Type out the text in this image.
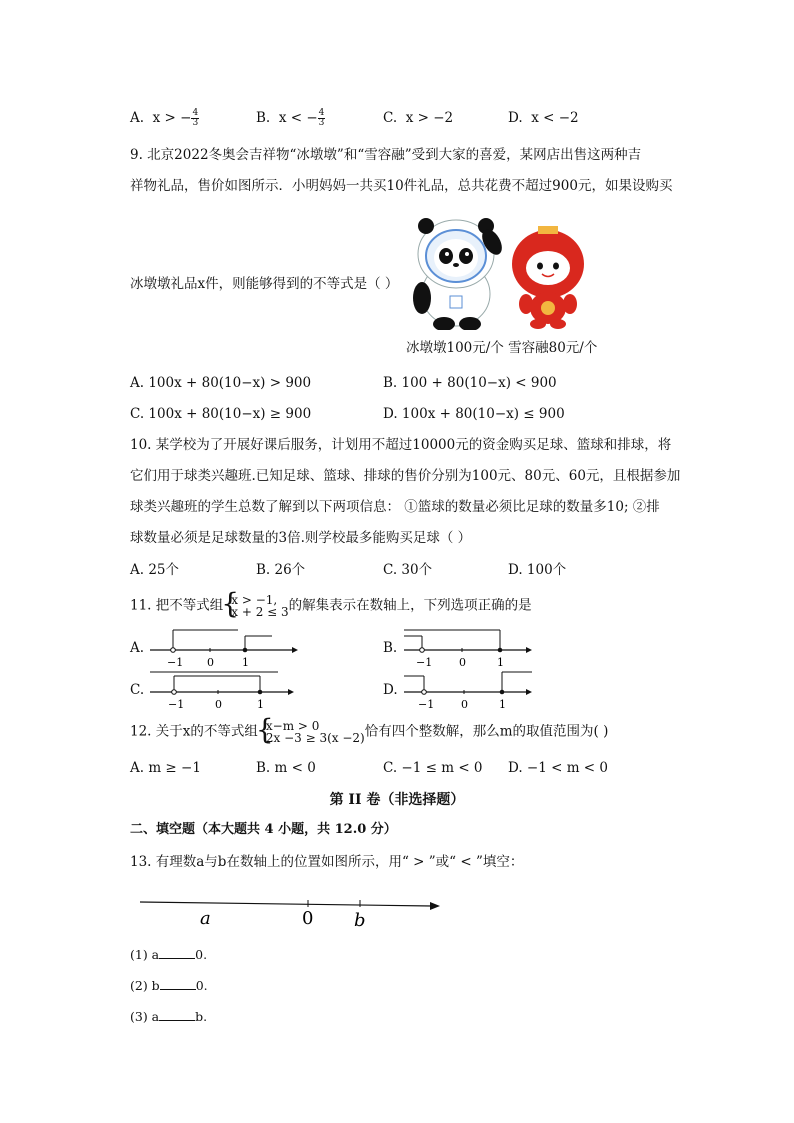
A. x > − $\frac{4}{3}$	B. x < − $\frac{4}{3}$	C. x > −2	D. x < −2
9. 北京2022冬奥会吉祥物“冰墩墩”和“雪容融”受到大家的喜爱，某网店出售这两种吉
祥物礼品，售价如图所示．小明妈妈一共买10件礼品，总共花费不超过900元，如果设购买
冰墩墩礼品x件，则能够得到的不等式是（ ）
冰墩墩100元/个 雪容融80元/个
A. 100x + 80(10−x) > 900	B. 100 + 80(10−x) < 900
C. 100x + 80(10−x) ≥ 900	D. 100x + 80(10−x) ≤ 900
10. 某学校为了开展好课后服务，计划用不超过10000元的资金购买足球、篮球和排球，将
它们用于球类兴趣班.已知足球、篮球、排球的售价分别为100元、80元、60元，且根据参加
球类兴趣班的学生总数了解到以下两项信息： ①篮球的数量必须比足球的数量多10; ②排
球数量必须是足球数量的3倍.则学校最多能购买足球（ ）
A. 25个	B. 26个	C. 30个	D. 100个
11. 把不等式组 { x > −1,
x + 2 ≤ 3 的解集表示在数轴上，下列选项正确的是
A.
−1 0	1
B.
−1 0	1
C.
−1	0	1
D.
−1 0	1
12. 关于x的不等式组 { x−m > 0
2x −3 ≥ 3(x −2) 恰有四个整数解，那么m的取值范围为( )
A. m ≥ −1	B. m < 0	C. −1 ≤ m < 0 D. −1 < m < 0
第 II 卷（非选择题）
二、填空题（本大题共 4 小题，共 12.0 分）
13. 有理数a与b在数轴上的位置如图所示，用“ > ”或“ < ”填空：
a	0 b
(1) a	0.
(2) b	0.
(3) a	b.
